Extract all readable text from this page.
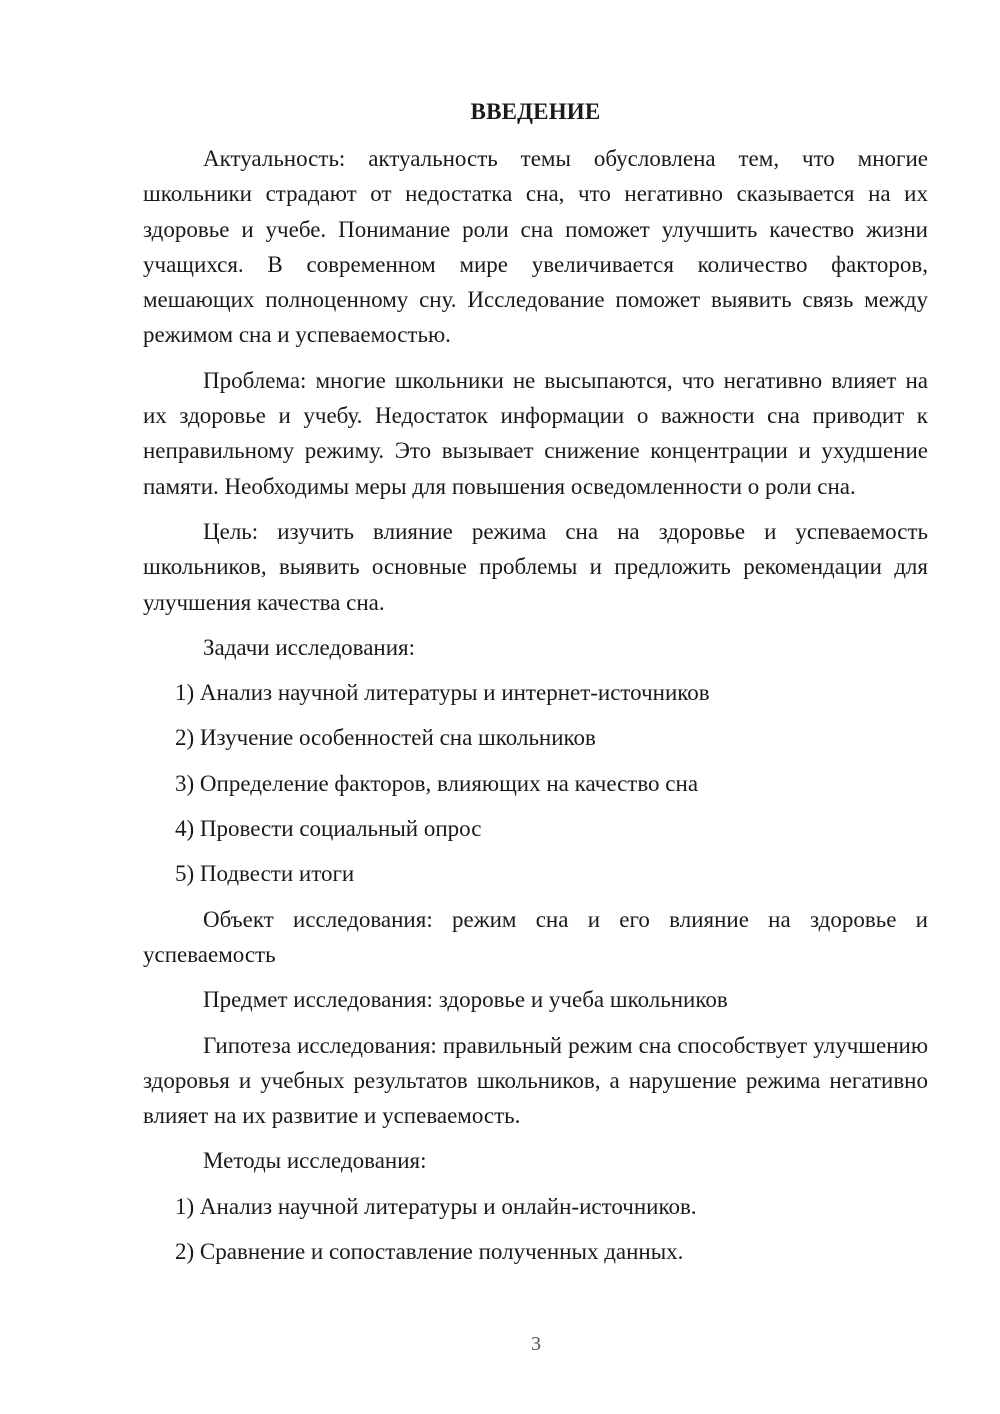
ВВЕДЕНИЕ

Актуальность: актуальность темы обусловлена тем, что многие школьники страдают от недостатка сна, что негативно сказывается на их здоровье и учебе. Понимание роли сна поможет улучшить качество жизни учащихся. В современном мире увеличивается количество факторов, мешающих полноценному сну. Исследование поможет выявить связь между режимом сна и успеваемостью.

Проблема: многие школьники не высыпаются, что негативно влияет на их здоровье и учебу. Недостаток информации о важности сна приводит к неправильному режиму. Это вызывает снижение концентрации и ухудшение памяти. Необходимы меры для повышения осведомленности о роли сна.

Цель: изучить влияние режима сна на здоровье и успеваемость школьников, выявить основные проблемы и предложить рекомендации для улучшения качества сна.

Задачи исследования:
1) Анализ научной литературы и интернет-источников
2) Изучение особенностей сна школьников
3) Определение факторов, влияющих на качество сна
4) Провести социальный опрос
5) Подвести итоги

Объект исследования: режим сна и его влияние на здоровье и успеваемость

Предмет исследования: здоровье и учеба школьников

Гипотеза исследования: правильный режим сна способствует улучшению здоровья и учебных результатов школьников, а нарушение режима негативно влияет на их развитие и успеваемость.

Методы исследования:
1) Анализ научной литературы и онлайн-источников.
2) Сравнение и сопоставление полученных данных.
3
